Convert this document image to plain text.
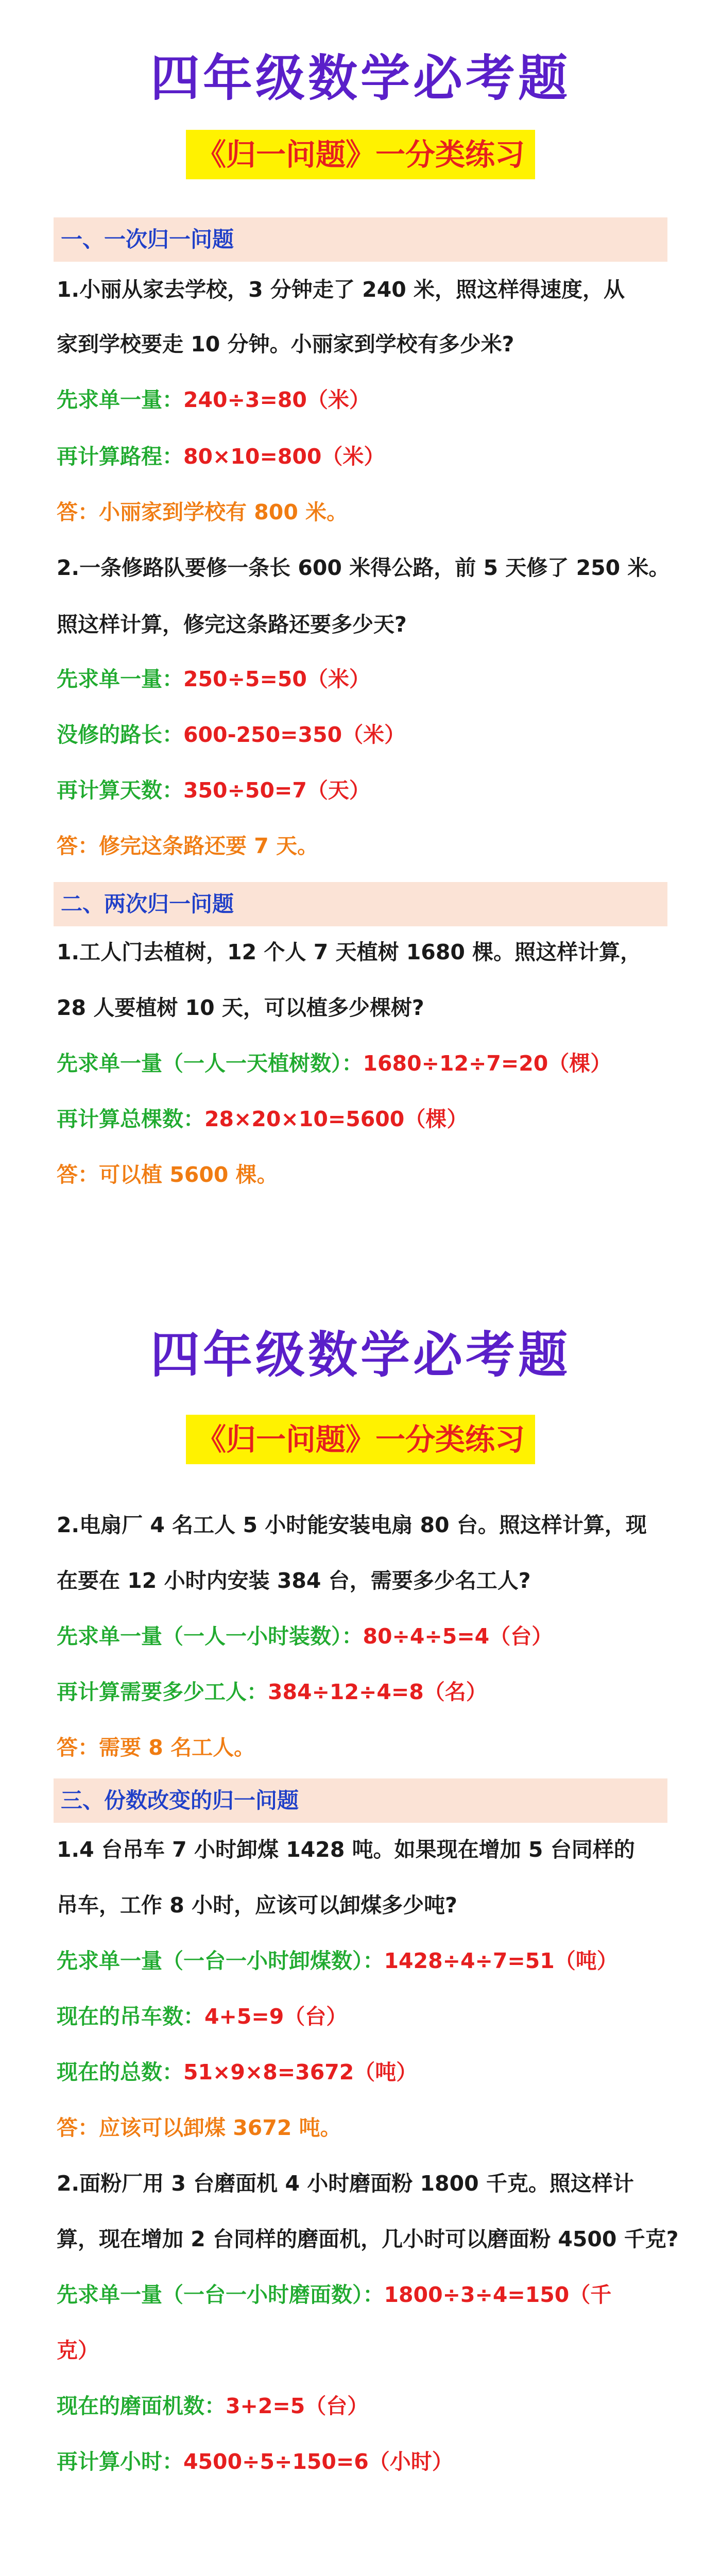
四年级数学必考题
《归一问题》一分类练习
一、一次归一问题
1.小丽从家去学校，3 分钟走了 240 米，照这样得速度，从
家到学校要走 10 分钟。小丽家到学校有多少米?
先求单一量：240÷3=80（米）
再计算路程：80×10=800（米）
答：小丽家到学校有 800 米。
2.一条修路队要修一条长 600 米得公路，前 5 天修了 250 米。
照这样计算，修完这条路还要多少天?
先求单一量：250÷5=50（米）
没修的路长：600-250=350（米）
再计算天数：350÷50=7（天）
答：修完这条路还要 7 天。
二、两次归一问题
1.工人门去植树，12 个人 7 天植树 1680 棵。照这样计算，
28 人要植树 10 天，可以植多少棵树?
先求单一量（一人一天植树数）：1680÷12÷7=20（棵）
再计算总棵数：28×20×10=5600（棵）
答：可以植 5600 棵。
四年级数学必考题
《归一问题》一分类练习
2.电扇厂 4 名工人 5 小时能安装电扇 80 台。照这样计算，现
在要在 12 小时内安装 384 台，需要多少名工人?
先求单一量（一人一小时装数）：80÷4÷5=4（台）
再计算需要多少工人：384÷12÷4=8（名）
答：需要 8 名工人。
三、份数改变的归一问题
1.4 台吊车 7 小时卸煤 1428 吨。如果现在增加 5 台同样的
吊车，工作 8 小时，应该可以卸煤多少吨?
先求单一量（一台一小时卸煤数）：1428÷4÷7=51（吨）
现在的吊车数：4+5=9（台）
现在的总数：51×9×8=3672（吨）
答：应该可以卸煤 3672 吨。
2.面粉厂用 3 台磨面机 4 小时磨面粉 1800 千克。照这样计
算，现在增加 2 台同样的磨面机，几小时可以磨面粉 4500 千克?
先求单一量（一台一小时磨面数）：1800÷3÷4=150（千
克）
现在的磨面机数：3+2=5（台）
再计算小时：4500÷5÷150=6（小时）
